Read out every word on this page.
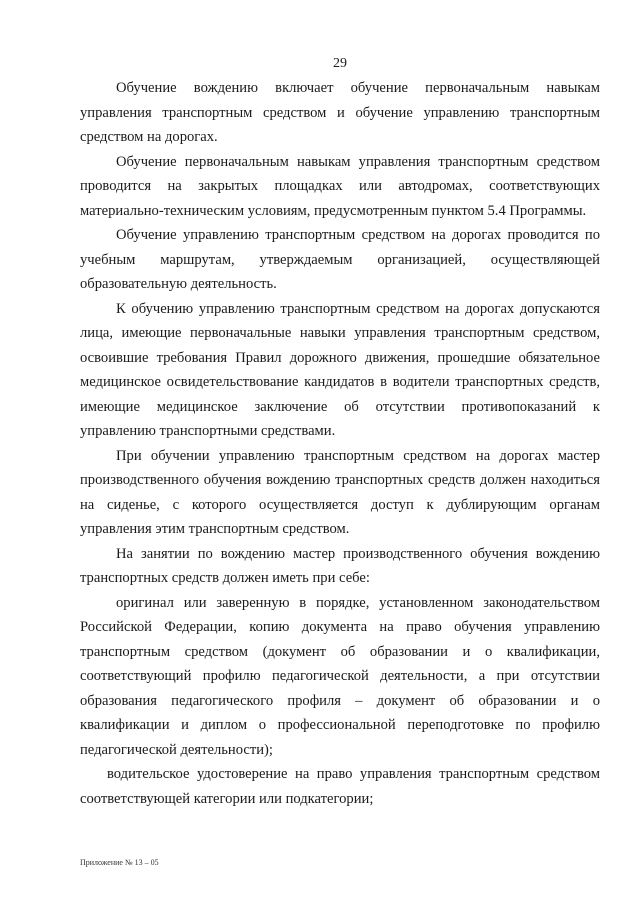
29

Обучение вождению включает обучение первоначальным навыкам управления транспортным средством и обучение управлению транспортным средством на дорогах.

Обучение первоначальным навыкам управления транспортным средством проводится на закрытых площадках или автодромах, соответствующих материально-техническим условиям, предусмотренным пунктом 5.4 Программы.

Обучение управлению транспортным средством на дорогах проводится по учебным маршрутам, утверждаемым организацией, осуществляющей образовательную деятельность.

К обучению управлению транспортным средством на дорогах допускаются лица, имеющие первоначальные навыки управления транспортным средством, освоившие требования Правил дорожного движения, прошедшие обязательное медицинское освидетельствование кандидатов в водители транспортных средств, имеющие медицинское заключение об отсутствии противопоказаний к управлению транспортными средствами.

При обучении управлению транспортным средством на дорогах мастер производственного обучения вождению транспортных средств должен находиться на сиденье, с которого осуществляется доступ к дублирующим органам управления этим транспортным средством.

На занятии по вождению мастер производственного обучения вождению транспортных средств должен иметь при себе:

оригинал или заверенную в порядке, установленном законодательством Российской Федерации, копию документа на право обучения управлению транспортным средством (документ об образовании и о квалификации, соответствующий профилю педагогической деятельности, а при отсутствии образования педагогического профиля – документ об образовании и о квалификации и диплом о профессиональной переподготовке по профилю педагогической деятельности);

водительское удостоверение на право управления транспортным средством соответствующей категории или подкатегории;

Приложение № 13 – 05
